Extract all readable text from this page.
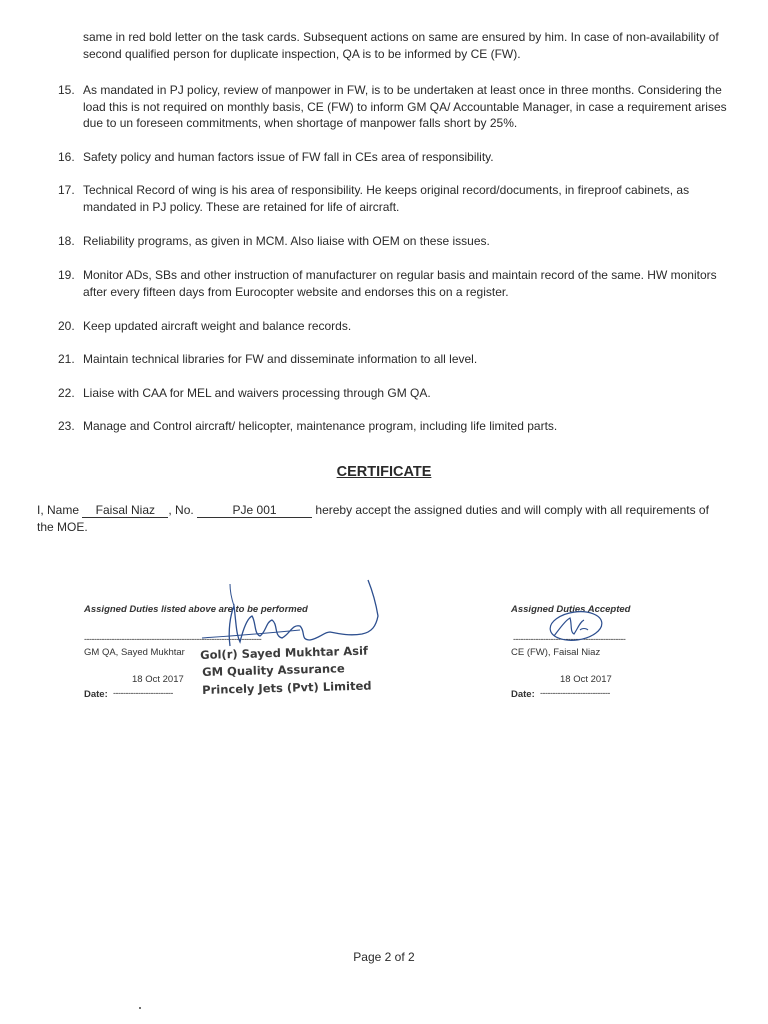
same in red bold letter on the task cards. Subsequent actions on same are ensured by him. In case of non-availability of second qualified person for duplicate inspection, QA is to be informed by CE (FW).
15. As mandated in PJ policy, review of manpower in FW, is to be undertaken at least once in three months. Considering the load this is not required on monthly basis, CE (FW) to inform GM QA/ Accountable Manager, in case a requirement arises due to un foreseen commitments, when shortage of manpower falls short by 25%.
16. Safety policy and human factors issue of FW fall in CEs area of responsibility.
17. Technical Record of wing is his area of responsibility. He keeps original record/documents, in fireproof cabinets, as mandated in PJ policy. These are retained for life of aircraft.
18. Reliability programs, as given in MCM. Also liaise with OEM on these issues.
19. Monitor ADs, SBs and other instruction of manufacturer on regular basis and maintain record of the same. HW monitors after every fifteen days from Eurocopter website and endorses this on a register.
20. Keep updated aircraft weight and balance records.
21. Maintain technical libraries for FW and disseminate information to all level.
22. Liaise with CAA for MEL and waivers processing through GM QA.
23. Manage and Control aircraft/ helicopter, maintenance program, including life limited parts.
CERTIFICATE
I, Name Faisal Niaz , No.	PJe 001	hereby accept the assigned duties and will comply with all requirements of the MOE.
Assigned Duties listed above are to be performed
-----------------------------------------------------------------------
GM QA, Sayed Mukhtar Gol(r) Sayed Mukhtar Asif
GM Quality Assurance
Princely Jets (Pvt) Limited
18 Oct 2017
Date: ------------------------
Assigned Duties Accepted
---------------------------------------------
CE (FW), Faisal Niaz
18 Oct 2017
Date: ----------------------------
Page 2 of 2
